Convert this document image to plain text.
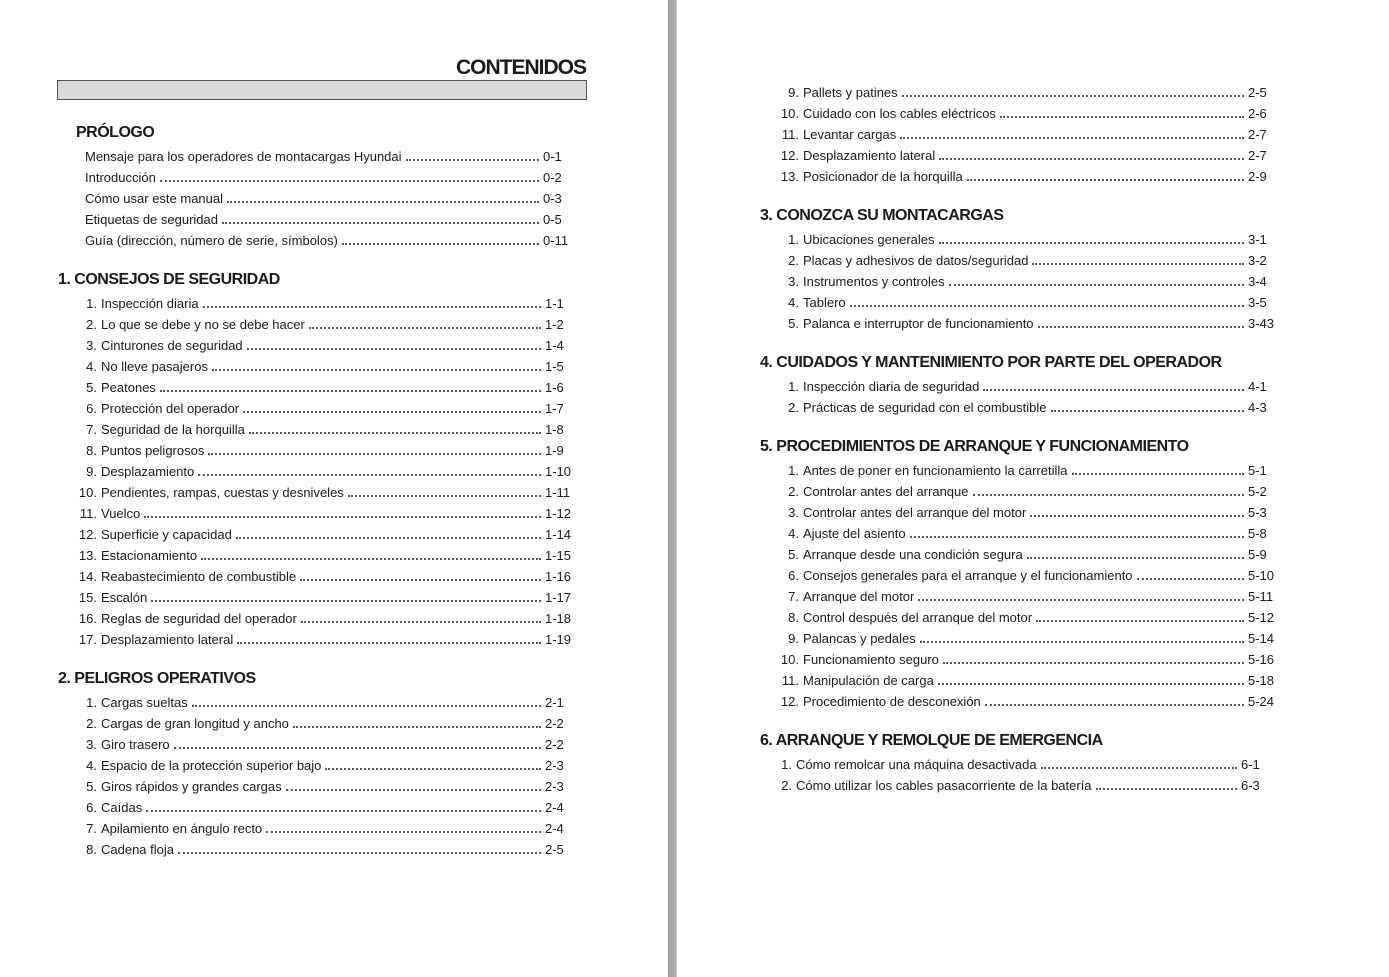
CONTENIDOS
PRÓLOGO
Mensaje para los operadores de montacargas Hyundai	0-1
Introducción	0-2
Cómo usar este manual	0-3
Etiquetas de seguridad	0-5
Guía (dirección, número de serie, símbolos)	0-11
1. CONSEJOS DE SEGURIDAD
1. Inspección diaria	1-1
2. Lo que se debe y no se debe hacer	1-2
3. Cinturones de seguridad	1-4
4. No lleve pasajeros	1-5
5. Peatones	1-6
6. Protección del operador	1-7
7. Seguridad de la horquilla	1-8
8. Puntos peligrosos	1-9
9. Desplazamiento	1-10
10. Pendientes, rampas, cuestas y desniveles	1-11
11. Vuelco	1-12
12. Superficie y capacidad	1-14
13. Estacionamiento	1-15
14. Reabastecimiento de combustible	1-16
15. Escalón	1-17
16. Reglas de seguridad del operador	1-18
17. Desplazamiento lateral	1-19
2. PELIGROS OPERATIVOS
1. Cargas sueltas	2-1
2. Cargas de gran longitud y ancho	2-2
3. Giro trasero	2-2
4. Espacio de la protección superior bajo	2-3
5. Giros rápidos y grandes cargas	2-3
6. Caídas	2-4
7. Apilamiento en ángulo recto	2-4
8. Cadena floja	2-5
9. Pallets y patines	2-5
10. Cuidado con los cables eléctricos	2-6
11. Levantar cargas	2-7
12. Desplazamiento lateral	2-7
13. Posicionador de la horquilla	2-9
3. CONOZCA SU MONTACARGAS
1. Ubicaciones generales	3-1
2. Placas y adhesivos de datos/seguridad	3-2
3. Instrumentos y controles	3-4
4. Tablero	3-5
5. Palanca e interruptor de funcionamiento	3-43
4. CUIDADOS Y MANTENIMIENTO POR PARTE DEL OPERADOR
1. Inspección diaria de seguridad	4-1
2. Prácticas de seguridad con el combustible	4-3
5. PROCEDIMIENTOS DE ARRANQUE Y FUNCIONAMIENTO
1. Antes de poner en funcionamiento la carretilla	5-1
2. Controlar antes del arranque	5-2
3. Controlar antes del arranque del motor	5-3
4. Ajuste del asiento	5-8
5. Arranque desde una condición segura	5-9
6. Consejos generales para el arranque y el funcionamiento	5-10
7. Arranque del motor	5-11
8. Control después del arranque del motor	5-12
9. Palancas y pedales	5-14
10. Funcionamiento seguro	5-16
11. Manipulación de carga	5-18
12. Procedimiento de desconexión	5-24
6. ARRANQUE Y REMOLQUE DE EMERGENCIA
1. Cómo remolcar una máquina desactivada	6-1
2. Cómo utilizar los cables pasacorriente de la batería	6-3
